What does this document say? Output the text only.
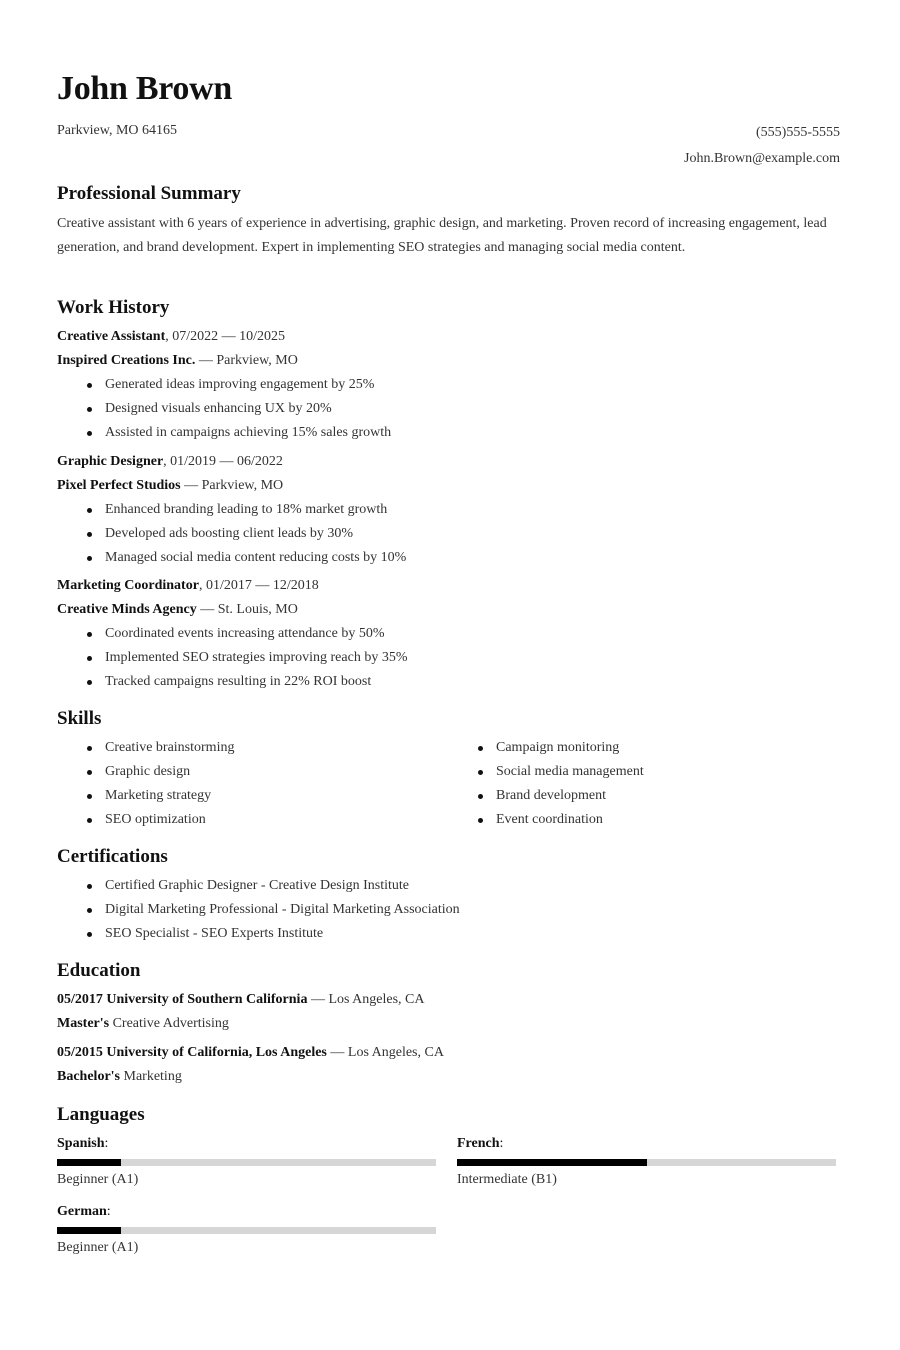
John Brown
Parkview, MO 64165	(555)555-5555
John.Brown@example.com
Professional Summary
Creative assistant with 6 years of experience in advertising, graphic design, and marketing. Proven record of increasing engagement, lead generation, and brand development. Expert in implementing SEO strategies and managing social media content.
Work History
Creative Assistant, 07/2022 — 10/2025
Inspired Creations Inc. — Parkview, MO
Generated ideas improving engagement by 25%
Designed visuals enhancing UX by 20%
Assisted in campaigns achieving 15% sales growth
Graphic Designer, 01/2019 — 06/2022
Pixel Perfect Studios — Parkview, MO
Enhanced branding leading to 18% market growth
Developed ads boosting client leads by 30%
Managed social media content reducing costs by 10%
Marketing Coordinator, 01/2017 — 12/2018
Creative Minds Agency — St. Louis, MO
Coordinated events increasing attendance by 50%
Implemented SEO strategies improving reach by 35%
Tracked campaigns resulting in 22% ROI boost
Skills
Creative brainstorming
Graphic design
Marketing strategy
SEO optimization
Campaign monitoring
Social media management
Brand development
Event coordination
Certifications
Certified Graphic Designer - Creative Design Institute
Digital Marketing Professional - Digital Marketing Association
SEO Specialist - SEO Experts Institute
Education
05/2017 University of Southern California — Los Angeles, CA
Master's Creative Advertising
05/2015 University of California, Los Angeles — Los Angeles, CA
Bachelor's Marketing
Languages
Spanish:
Beginner (A1)
French:
Intermediate (B1)
German:
Beginner (A1)
